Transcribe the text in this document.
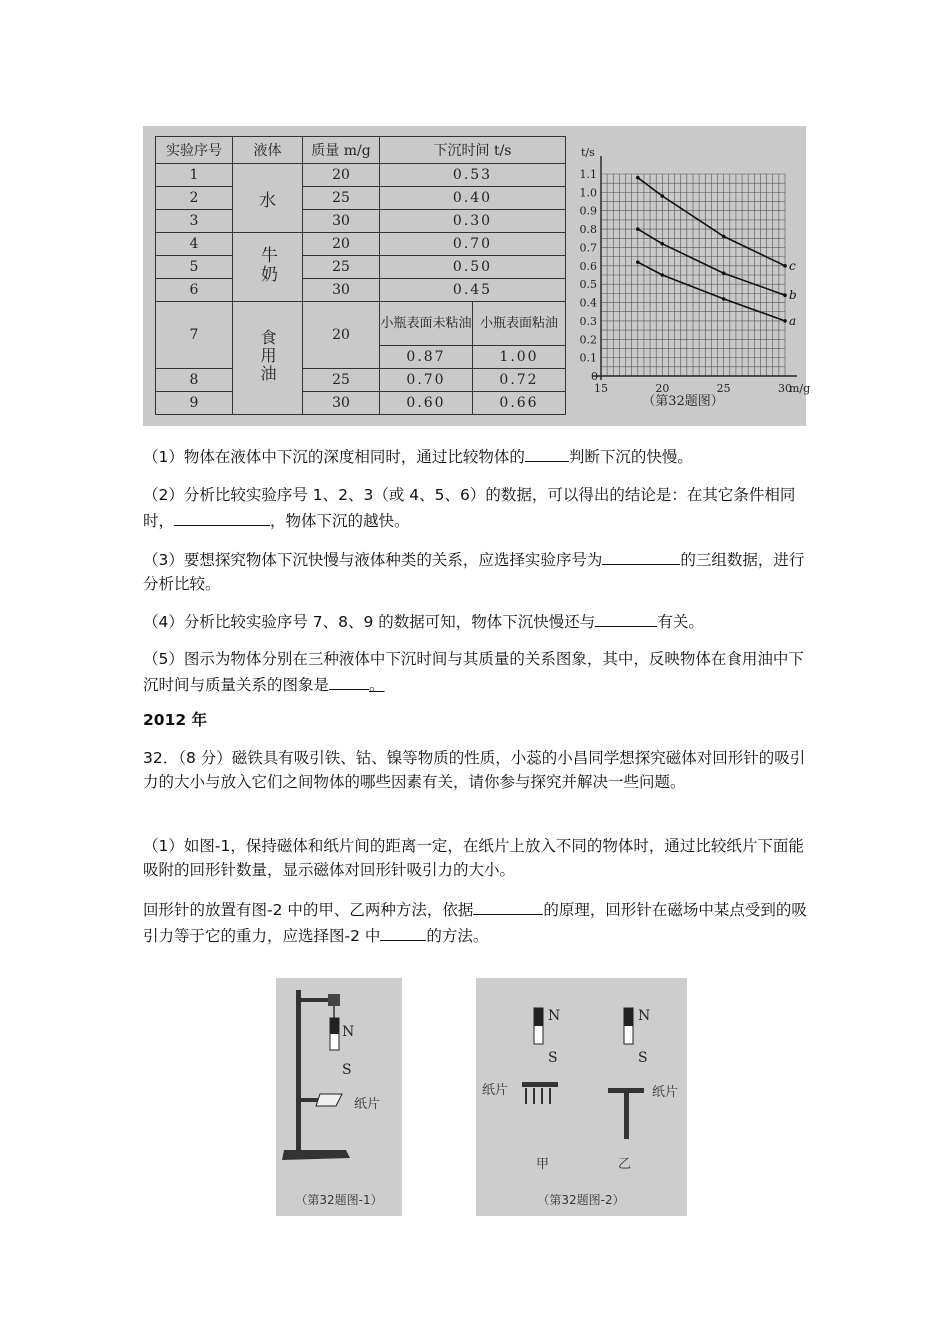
实验序号	液体	质量 m/g	下沉时间 t/s	
1	水	20	0.53	
2		25	0.40	
3		30	0.30	
4	牛奶	20	0.70	
5		25	0.50	
6		30	0.45	
7	食用油	20	小瓶表面未粘油	小瓶表面粘油
			0.87	1.00
8		25	0.70	0.72
9		30	0.60	0.66
t/s
m/g
0.1
0.2
0.3
0.4
0.5
0.6
0.7
0.8
0.9
1.0
1.1
15	20	25	30
0
c
b
a
（第32题图）
（1）物体在液体中下沉的深度相同时，通过比较物体的	判断下沉的快慢。
（2）分析比较实验序号 1、2、3（或 4、5、6）的数据，可以得出的结论是：在其它条件相同时，	，物体下沉的越快。
（3）要想探究物体下沉快慢与液体种类的关系，应选择实验序号为	的三组数据，进行分析比较。
（4）分析比较实验序号 7、8、9 的数据可知，物体下沉快慢还与	有关。
（5）图示为物体分别在三种液体中下沉时间与其质量的关系图象，其中，反映物体在食用油中下沉时间与质量关系的图象是	。
2012 年
32．（8 分）磁铁具有吸引铁、钴、镍等物质的性质，小蕊的小昌同学想探究磁体对回形针的吸引力的大小与放入它们之间物体的哪些因素有关，请你参与探究并解决一些问题。
（1）如图-1，保持磁体和纸片间的距离一定，在纸片上放入不同的物体时，通过比较纸片下面能吸附的回形针数量，显示磁体对回形针吸引力的大小。
回形针的放置有图-2 中的甲、乙两种方法，依据	的原理，回形针在磁场中某点受到的吸引力等于它的重力，应选择图-2 中	的方法。
N
S
纸片
（第32题图-1）
N
S
纸片
甲
N
S
纸片
乙
（第32题图-2）
